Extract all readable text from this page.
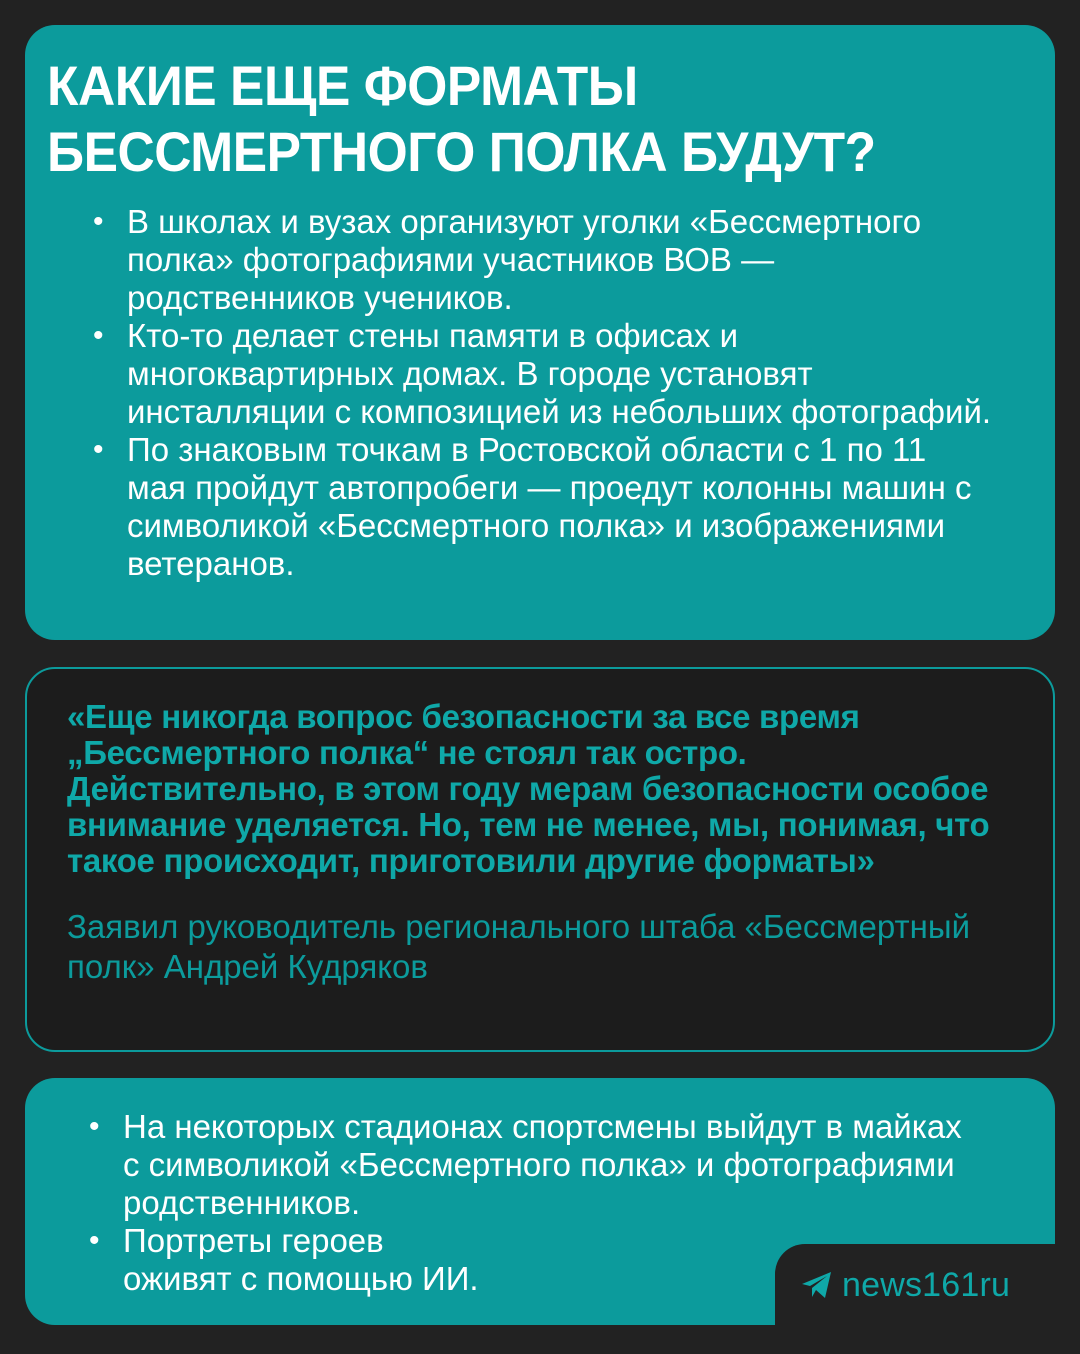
КАКИЕ ЕЩЕ ФОРМАТЫ
БЕССМЕРТНОГО ПОЛКА БУДУТ?
• В школах и вузах организуют уголки «Бессмертного полка» фотографиями участников ВОВ — родственников учеников.
• Кто-то делает стены памяти в офисах и многоквартирных домах. В городе установят инсталляции с композицией из небольших фотографий.
• По знаковым точкам в Ростовской области с 1 по 11 мая пройдут автопробеги — проедут колонны машин с символикой «Бессмертного полка» и изображениями ветеранов.

«Еще никогда вопрос безопасности за все время „Бессмертного полка“ не стоял так остро. Действительно, в этом году мерам безопасности особое внимание уделяется. Но, тем не менее, мы, понимая, что такое происходит, приготовили другие форматы»

Заявил руководитель регионального штаба «Бессмертный полк» Андрей Кудряков

• На некоторых стадионах спортсмены выйдут в майках с символикой «Бессмертного полка» и фотографиями родственников.
• Портреты героев оживят с помощью ИИ.	news161ru
